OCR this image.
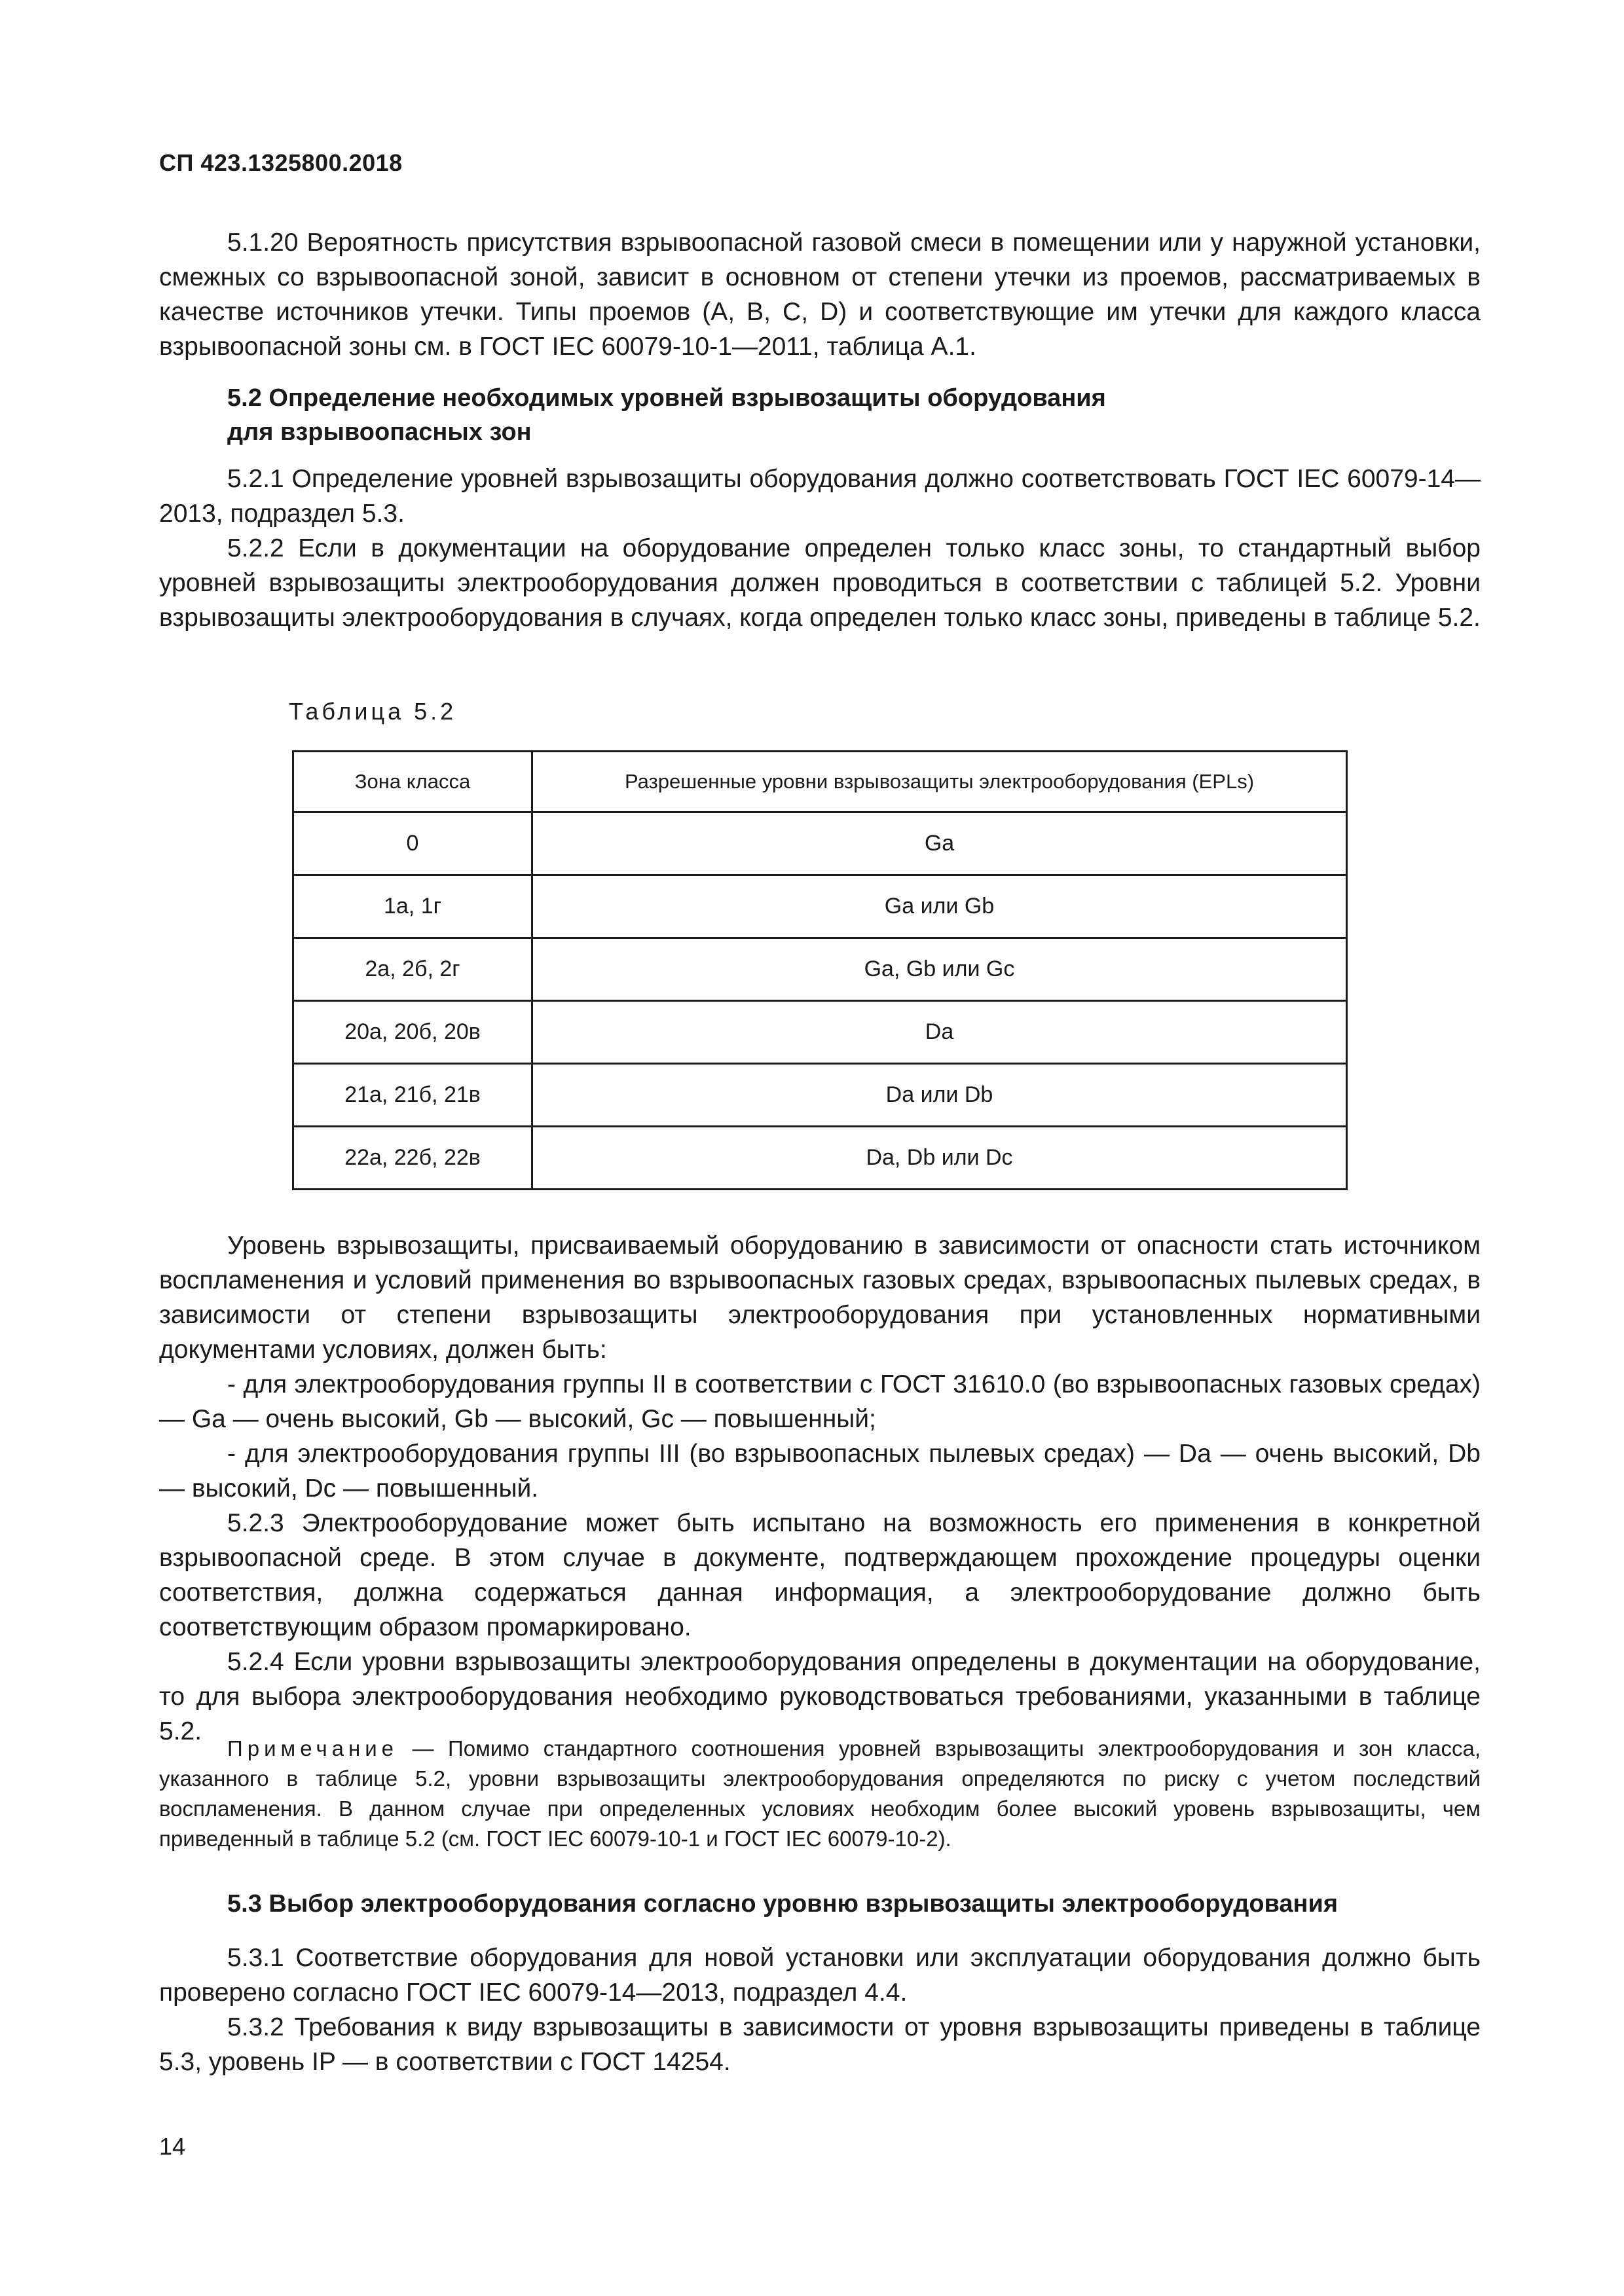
СП 423.1325800.2018

5.1.20 Вероятность присутствия взрывоопасной газовой смеси в помещении или у наружной установки, смежных со взрывоопасной зоной, зависит в основном от степени утечки из проемов, рассматриваемых в качестве источников утечки. Типы проемов (A, B, C, D) и соответствующие им утечки для каждого класса взрывоопасной зоны см. в ГОСТ IEC 60079-10-1—2011, таблица А.1.

5.2 Определение необходимых уровней взрывозащиты оборудования
для взрывоопасных зон

5.2.1 Определение уровней взрывозащиты оборудования должно соответствовать ГОСТ IEC 60079-14—2013, подраздел 5.3.

5.2.2 Если в документации на оборудование определен только класс зоны, то стандартный выбор уровней взрывозащиты электрооборудования должен проводиться в соответствии с таблицей 5.2. Уровни взрывозащиты электрооборудования в случаях, когда определен только класс зоны, приведены в таблице 5.2.

Таблица 5.2
Зона класса	Разрешенные уровни взрывозащиты электрооборудования (EPLs)
0	Ga
1а, 1г	Ga или Gb
2а, 2б, 2г	Ga, Gb или Gc
20а, 20б, 20в	Da
21а, 21б, 21в	Da или Db
22а, 22б, 22в	Da, Db или Dc

Уровень взрывозащиты, присваиваемый оборудованию в зависимости от опасности стать источником воспламенения и условий применения во взрывоопасных газовых средах, взрывоопасных пылевых средах, в зависимости от степени взрывозащиты электрооборудования при установленных нормативными документами условиях, должен быть:

- для электрооборудования группы II в соответствии с ГОСТ 31610.0 (во взрывоопасных газовых средах) — Ga — очень высокий, Gb — высокий, Gc — повышенный;

- для электрооборудования группы III (во взрывоопасных пылевых средах) — Da — очень высокий, Db — высокий, Dc — повышенный.

5.2.3 Электрооборудование может быть испытано на возможность его применения в конкретной взрывоопасной среде. В этом случае в документе, подтверждающем прохождение процедуры оценки соответствия, должна содержаться данная информация, а электрооборудование должно быть соответствующим образом промаркировано.

5.2.4 Если уровни взрывозащиты электрооборудования определены в документации на оборудование, то для выбора электрооборудования необходимо руководствоваться требованиями, указанными в таблице 5.2.

Примечание — Помимо стандартного соотношения уровней взрывозащиты электрооборудования и зон класса, указанного в таблице 5.2, уровни взрывозащиты электрооборудования определяются по риску с учетом последствий воспламенения. В данном случае при определенных условиях необходим более высокий уровень взрывозащиты, чем приведенный в таблице 5.2 (см. ГОСТ IEC 60079-10-1 и ГОСТ IEC 60079-10-2).

5.3 Выбор электрооборудования согласно уровню взрывозащиты электрооборудования

5.3.1 Соответствие оборудования для новой установки или эксплуатации оборудования должно быть проверено согласно ГОСТ IEC 60079-14—2013, подраздел 4.4.

5.3.2 Требования к виду взрывозащиты в зависимости от уровня взрывозащиты приведены в таблице 5.3, уровень IP — в соответствии с ГОСТ 14254.

14
